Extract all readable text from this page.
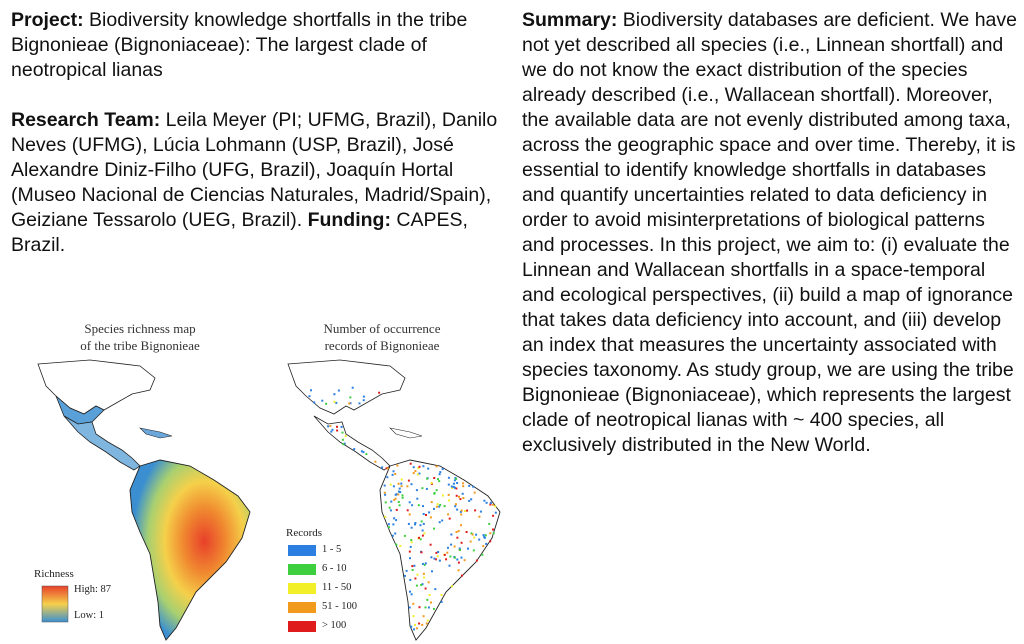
Project: Biodiversity knowledge shortfalls in the tribe Bignonieae (Bignoniaceae): The largest clade of neotropical lianas

Research Team: Leila Meyer (PI; UFMG, Brazil), Danilo Neves (UFMG), Lúcia Lohmann (USP, Brazil), José Alexandre Diniz-Filho (UFG, Brazil), Joaquín Hortal (Museo Nacional de Ciencias Naturales, Madrid/Spain), Geiziane Tessarolo (UEG, Brazil). Funding: CAPES, Brazil.

Summary: Biodiversity databases are deficient. We have not yet described all species (i.e., Linnean shortfall) and we do not know the exact distribution of the species already described (i.e., Wallacean shortfall). Moreover, the available data are not evenly distributed among taxa, across the geographic space and over time. Thereby, it is essential to identify knowledge shortfalls in databases and quantify uncertainties related to data deficiency in order to avoid misinterpretations of biological patterns and processes. In this project, we aim to: (i) evaluate the Linnean and Wallacean shortfalls in a space-temporal and ecological perspectives, (ii) build a map of ignorance that takes data deficiency into account, and (iii) develop an index that measures the uncertainty associated with species taxonomy. As study group, we are using the tribe Bignonieae (Bignoniaceae), which represents the largest clade of neotropical lianas with ~ 400 species, all exclusively distributed in the New World.

Species richness map
of the tribe Bignonieae
Richness
High: 87
Low: 1
Number of occurrence
records of Bignonieae
Records
1 - 5
6 - 10
11 - 50
51 - 100
> 100
